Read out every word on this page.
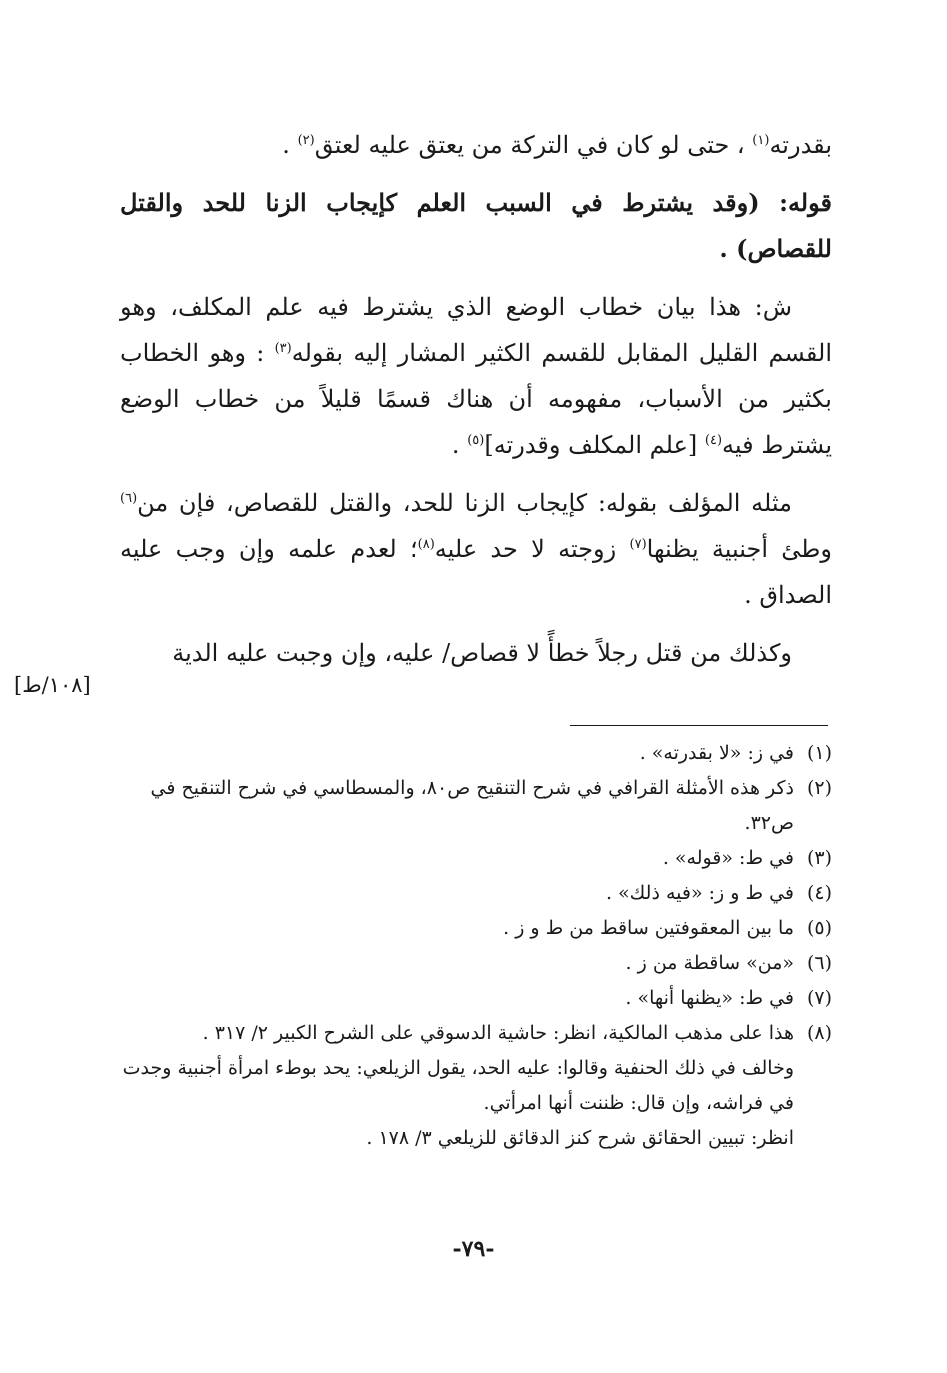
بقدرته$^{(١)}$ ، حتى لو كان في التركة من يعتق عليه لعتق$^{(٢)}$ .

قوله: (وقد يشترط في السبب العلم كإيجاب الزنا للحد والقتل للقصاص) .

ش: هذا بيان خطاب الوضع الذي يشترط فيه علم المكلف، وهو القسم القليل المقابل للقسم الكثير المشار إليه بقوله$^{(٣)}$ : وهو الخطاب بكثير من الأسباب، مفهومه أن هناك قسمًا قليلاً من خطاب الوضع يشترط فيه$^{(٤)}$ [علم المكلف وقدرته]$^{(٥)}$ .

مثله المؤلف بقوله: كإيجاب الزنا للحد، والقتل للقصاص، فإن من$^{(٦)}$ وطئ أجنبية يظنها$^{(٧)}$ زوجته لا حد عليه$^{(٨)}$؛ لعدم علمه وإن وجب عليه الصداق .

وكذلك من قتل رجلاً خطأً لا قصاص/ عليه، وإن وجبت عليه الدية

[١٠٨/ط]
(١)
في ز: «لا بقدرته» .
(٢)
ذكر هذه الأمثلة القرافي في شرح التنقيح ص٨٠، والمسطاسي في شرح التنقيح في ص٣٢.
(٣)
في ط: «قوله» .
(٤)
في ط و ز: «فيه ذلك» .
(٥)
ما بين المعقوفتين ساقط من ط و ز .
(٦)
«من» ساقطة من ز .
(٧)
في ط: «يظنها أنها» .
(٨)
هذا على مذهب المالكية، انظر: حاشية الدسوقي على الشرح الكبير ٢/ ٣١٧ .
وخالف في ذلك الحنفية وقالوا: عليه الحد، يقول الزيلعي: يحد بوطء امرأة أجنبية وجدت في فراشه، وإن قال: ظننت أنها امرأتي.
انظر: تبيين الحقائق شرح كنز الدقائق للزيلعي ٣/ ١٧٨ .
-٧٩-
